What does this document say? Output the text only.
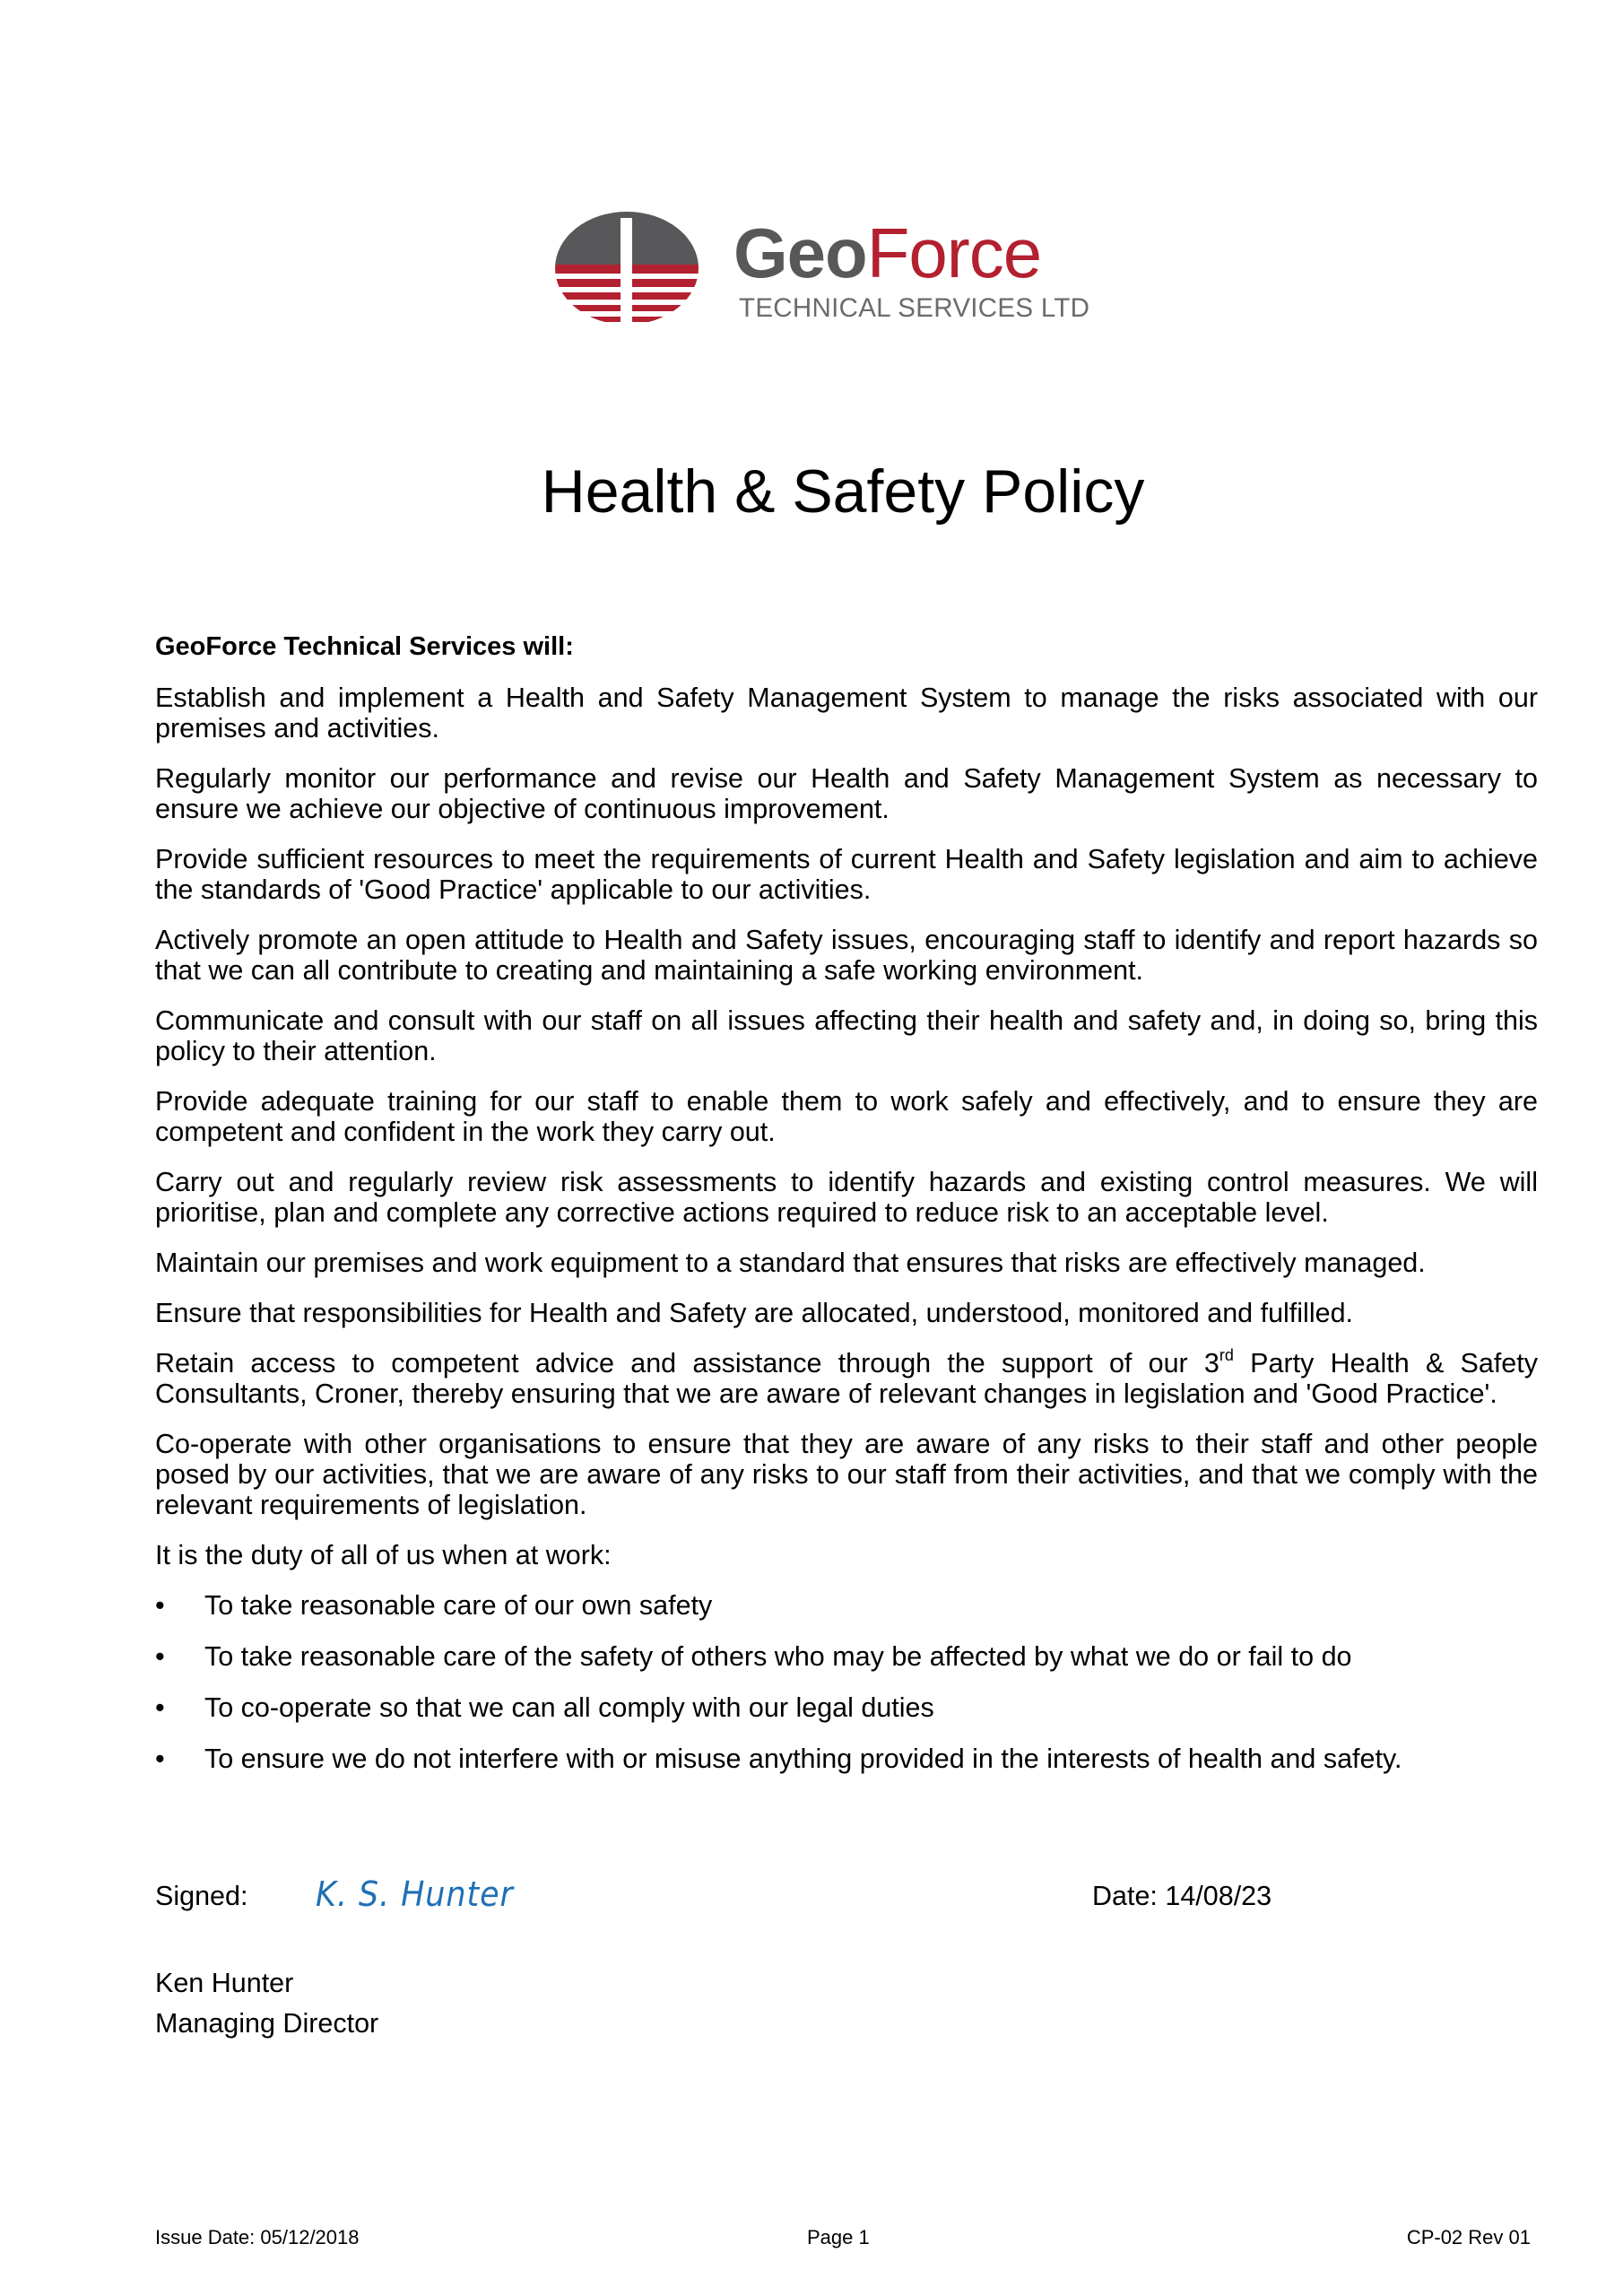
GeoForce
TECHNICAL SERVICES LTD
Health & Safety Policy
GeoForce Technical Services will:

Establish and implement a Health and Safety Management System to manage the risks associated with our premises and activities.

Regularly monitor our performance and revise our Health and Safety Management System as necessary to ensure we achieve our objective of continuous improvement.

Provide sufficient resources to meet the requirements of current Health and Safety legislation and aim to achieve the standards of 'Good Practice' applicable to our activities.

Actively promote an open attitude to Health and Safety issues, encouraging staff to identify and report hazards so that we can all contribute to creating and maintaining a safe working environment.

Communicate and consult with our staff on all issues affecting their health and safety and, in doing so, bring this policy to their attention.

Provide adequate training for our staff to enable them to work safely and effectively, and to ensure they are competent and confident in the work they carry out.

Carry out and regularly review risk assessments to identify hazards and existing control measures. We will prioritise, plan and complete any corrective actions required to reduce risk to an acceptable level.

Maintain our premises and work equipment to a standard that ensures that risks are effectively managed.

Ensure that responsibilities for Health and Safety are allocated, understood, monitored and fulfilled.

Retain access to competent advice and assistance through the support of our 3rd Party Health & Safety Consultants, Croner, thereby ensuring that we are aware of relevant changes in legislation and 'Good Practice'.

Co-operate with other organisations to ensure that they are aware of any risks to their staff and other people posed by our activities, that we are aware of any risks to our staff from their activities, and that we comply with the relevant requirements of legislation.

It is the duty of all of us when at work:

• To take reasonable care of our own safety
• To take reasonable care of the safety of others who may be affected by what we do or fail to do
• To co-operate so that we can all comply with our legal duties
• To ensure we do not interfere with or misuse anything provided in the interests of health and safety.
Signed: K. S. Hunter	Date: 14/08/23
Ken Hunter
Managing Director
Issue Date: 05/12/2018	Page 1	CP-02 Rev 01
